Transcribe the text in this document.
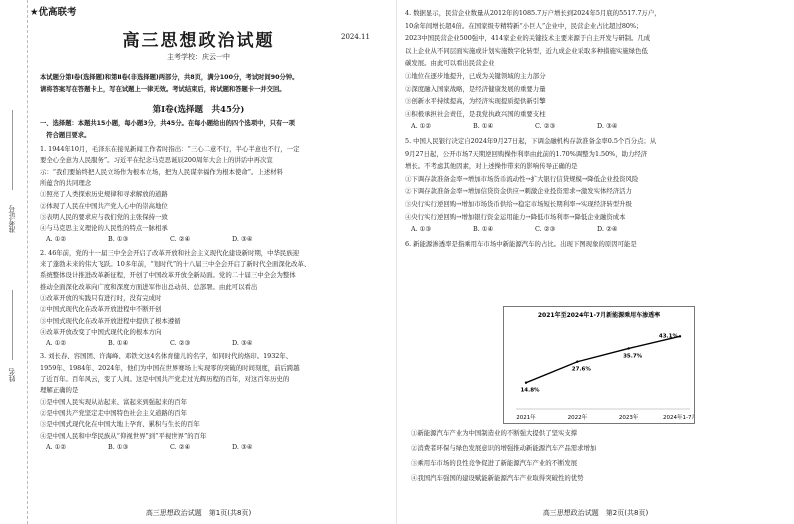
准考证号
姓名
★优高联考
高三思想政治试题	2024.11
主考学校：庆云一中
本试题分第Ⅰ卷(选择题)和第Ⅱ卷(非选择题)两部分，共8页，满分100分，考试时间90分钟。
请将答案写在答题卡上，写在试题上一律无效。考试结束后，将试题和答题卡一并交回。
第Ⅰ卷(选择题　共45分)
一、选择题：本题共15小题，每小题3分，共45分。在每小题给出的四个选项中，只有一项
　符合题目要求。
1. 1944年10月，毛泽东在接见新闻工作者时指出：“三心二意不行，半心半意也不行，一定
要全心全意为人民服务”。习近平在纪念马克思诞辰200周年大会上的讲话中再次宣
示：“我们要始终把人民立场作为根本立场，把为人民谋幸福作为根本使命”。上述材料
所蕴含的共同理念
①照亮了人类探索历史规律和寻求解放的道路
②体现了人民在中国共产党人心中的崇高地位
③表明人民的要求应与我们党的主张保持一致
④与马克思主义理论的人民性的特点一脉相承
A. ①②	B. ①③	C. ②④	D. ③④
2. 46年前，党的十一届三中全会开启了改革开放和社会主义现代化建设新时期，中华民族迎
来了蓬勃未来的伟大飞跃。10多年前，“划时代”的十八届三中全会开启了新时代全面深化改革、
系统整体设计推进改革新征程，开创了中国改革开放全新局面。党的二十届三中全会为整体
推动全面深化改革向广度和深度方面进军作出总动员、总部署。由此可以看出
①改革开放的实践只有进行时，没有完成时
②中国式现代化在改革开放进程中不断开创
③中国式现代化在改革开放进程中提供了根本遵循
④改革开放改变了中国式现代化的根本方向
A. ①②	B. ①④	C. ②③	D. ③④
3. 刘长春、容国团、许海峰、邓铁文这4名体育健儿的名字，如同时代的烙印。1932年、
1959年、1984年、2024年，他们为中国在世界赛场上实现零的突破的时间刻度，前后跨越
了近百年。百年风云，变了人间。这是中国共产党走过光辉历程的百年，对这百年历史的
理解正确的是
①是中国人民实现从站起来、富起来到强起来的百年
②是中国共产党坚定走中国特色社会主义道路的百年
③是中国式现代化在中国大地上孕育、累积与生长的百年
④是中国人民和中华民族从“仰视世界”到“平视世界”的百年
A. ①②	B. ①③	C. ②④	D. ③④
高三思想政治试题　第1页(共8页)
4. 数据显示，民营企业数量从2012年的1085.7万户增长到2024年5月底的5517.7万户，
10余年间增长超4倍。在国家级专精特新“小巨人”企业中，民营企业占比超过80%；
2023中国民营企业500强中，414家企业的关键技术主要来源于自主开发与研制。几成
以上企业从不同层面实施或计划实施数字化转型，近九成企业采取多种措施实施绿色低
碳发展。由此可以看出民营企业
①地位在逐步地提升，已成为关键领域的主力部分
②深度融入国家战略，是经济健康发展的重要力量
③创新水平持续提高，为经济实现提质提供新引擎
④积极承担社会责任，是我党执政兴国的重要支柱
A. ①②	B. ①④	C. ②③	D. ③④
5. 中国人民银行决定自2024年9月27日起，下调金融机构存款准备金率0.5个百分点；从
9月27日起，公开市场7天期逆回购操作利率由此前的1.70%调整为1.50%，助力经济
增长。不考虑其他因素，对上述操作带来的影响传导正确的是
①下调存款准备金率→增加市场货币流动性→扩大银行信贷规模→降低企业投资风险
②下调存款准备金率→增加信贷资金供应→刺激企业投资需求→激发实体经济活力
③央行实行逆回购→增加市场货币供给→稳定市场短长期利率→实现经济转型升级
④央行实行逆回购→增加银行资金运用能力→降低市场利率→降低企业融资成本
A. ①③	B. ①④	C. ②③	D. ②④
6. 新能源渗透率是指乘用车市场中新能源汽车的占比。出现下图现象的原因可能是
①新能源汽车产业为中国制造业的不断强大提供了坚实支撑
②消费者环保与绿色发展意识的增强推动新能源汽车产品需求增加
③乘用车市场的良性竞争促进了新能源汽车产业的不断发展
④我国汽车强国的建设赋能新能源汽车产业取得突破性的优势
2021年至2024年1-7月新能源乘用车渗透率
14.8%
27.6%
35.7%
43.1%
2021年	2022年	2023年	2024年1-7月
高三思想政治试题　第2页(共8页)
